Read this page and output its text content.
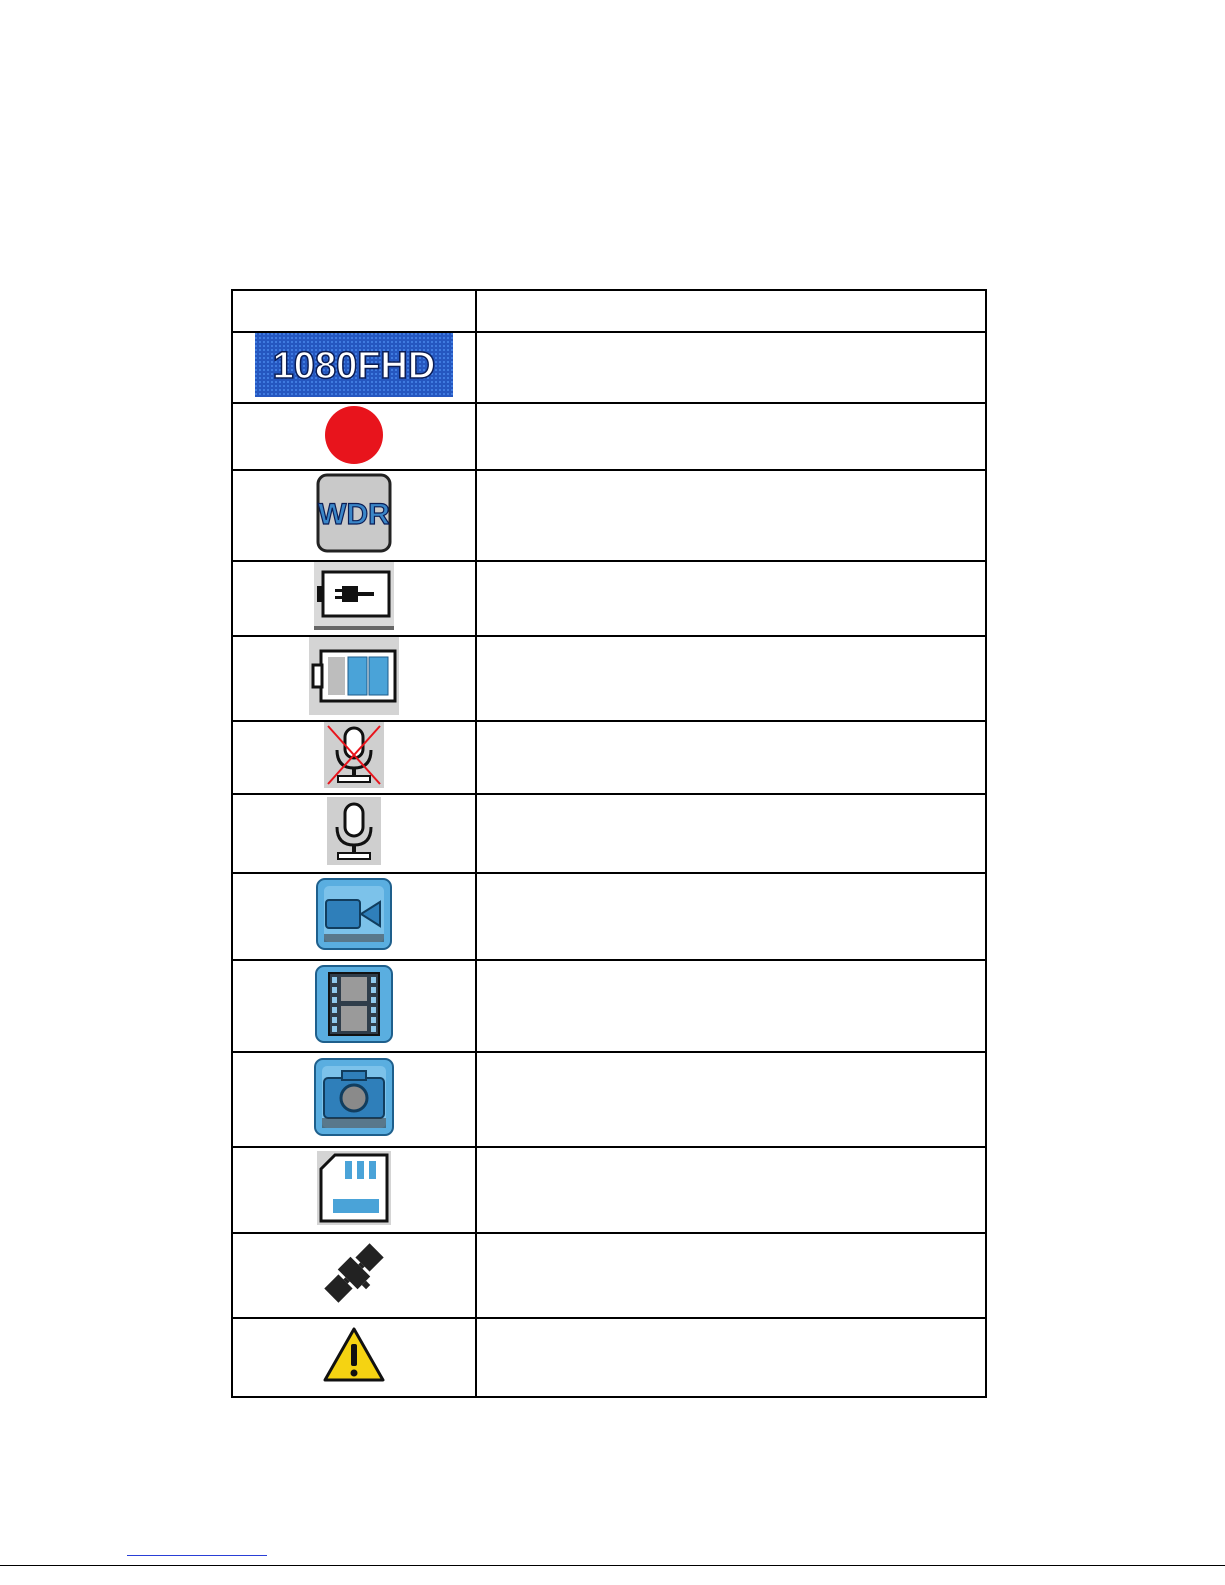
1080FHD	

WDR	
